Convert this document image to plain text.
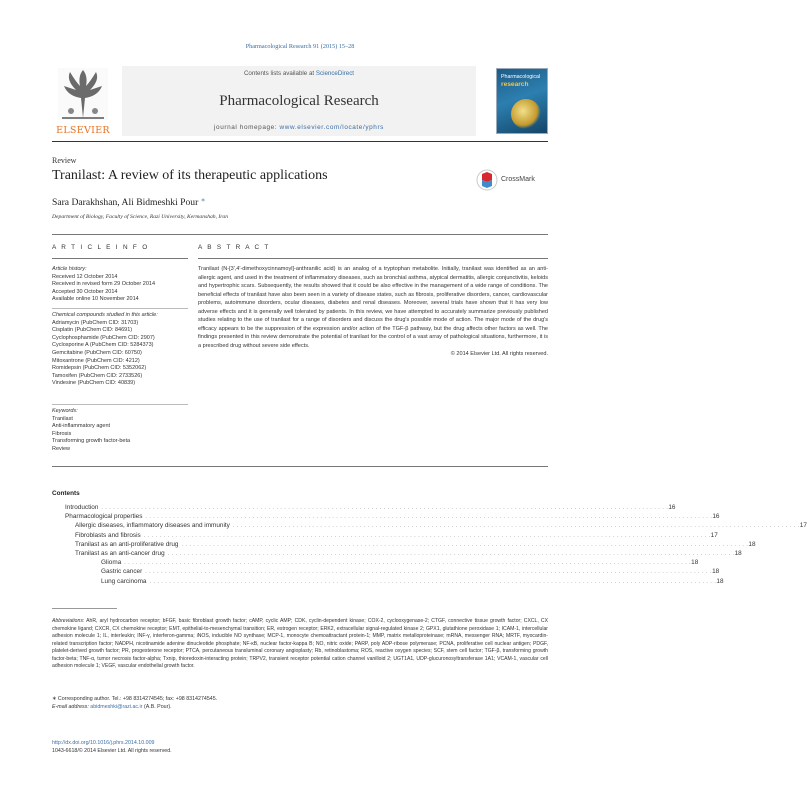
Pharmacological Research 91 (2015) 15–28
ELSEVIER
Contents lists available at ScienceDirect
Pharmacological Research
journal homepage: www.elsevier.com/locate/yphrs
Pharmacological
research
Review
Tranilast: A review of its therapeutic applications	CrossMark
Sara Darakhshan, Ali Bidmeshki Pour ∗
Department of Biology, Faculty of Science, Razi University, Kermanshah, Iran
A R T I C L E I N F O	A B S T R A C T
Article history:
Received 12 October 2014
Received in revised form 29 October 2014
Accepted 30 October 2014
Available online 10 November 2014
Chemical compounds studied in this article:
Adriamycin (PubChem CID: 31703)
Cisplatin (PubChem CID: 84691)
Cyclophosphamide (PubChem CID: 2907)
Cyclosporine A (PubChem CID: 5284373)
Gemcitabine (PubChem CID: 60750)
Mitoxantrone (PubChem CID: 4212)
Romidepsin (PubChem CID: 5352062)
Tamoxifen (PubChem CID: 2733526)
Vindesine (PubChem CID: 40839)
Keywords:
Tranilast
Anti-inflammatory agent
Fibrosis
Transforming growth factor-beta
Review

Tranilast (N-[3′,4′-dimethoxycinnamoyl]-anthranilic acid) is an analog of a tryptophan metabolite. Initially, tranilast was identified as an anti-allergic agent, and used in the treatment of inflammatory diseases, such as bronchial asthma, atypical dermatitis, allergic conjunctivitis, keloids and hypertrophic scars. Subsequently, the results showed that it could be also effective in the management of a wide range of conditions. The beneficial effects of tranilast have also been seen in a variety of disease states, such as fibrosis, proliferative disorders, cancer, cardiovascular problems, autoimmune disorders, ocular diseases, diabetes and renal diseases. Moreover, several trials have shown that it has very low adverse effects and it is generally well tolerated by patients. In this review, we have attempted to accurately summarize previously published studies relating to the use of tranilast for a range of disorders and discuss the drug's possible mode of action. The major mode of the drug's efficacy appears to be the suppression of the expression and/or action of the TGF-β pathway, but the drug affects other factors as well. The findings presented in this review demonstrate the potential of tranilast for the control of a vast array of pathological situations, furthermore, it is a prescribed drug without severe side effects.

© 2014 Elsevier Ltd. All rights reserved.

Contents
Introduction . . . . . . . . . . . . . . . . . . . . . . . . . . . . . . . . . . . . . . . . . . . . . . . . . . . . . . . . . . . . . . . . . . . . . . . . . . . . . . . . . . . . . . . . . . . . . . . . . . . . . . . . . . . . . . . . . . . . . . . . . . . . . . . . . . . . . . . . . . . . . . . 16
Pharmacological properties . . . . . . . . . . . . . . . . . . . . . . . . . . . . . . . . . . . . . . . . . . . . . . . . . . . . . . . . . . . . . . . . . . . . . . . . . . . . . . . . . . . . . . . . . . . . . . . . . . . . . . . . . . . . . . . . . . . . . . . . . . . . . . . . . . . . . . . . . . . . . . . 16
Allergic diseases, inflammatory diseases and immunity . . . . . . . . . . . . . . . . . . . . . . . . . . . . . . . . . . . . . . . . . . . . . . . . . . . . . . . . . . . . . . . . . . . . . . . . . . . . . . . . . . . . . . . . . . . . . . . . . . . . . . . . . . . . . . . . . . . . . . . . . . . . . . . . . . . . . . . . . . . . . . . 17
Fibroblasts and fibrosis . . . . . . . . . . . . . . . . . . . . . . . . . . . . . . . . . . . . . . . . . . . . . . . . . . . . . . . . . . . . . . . . . . . . . . . . . . . . . . . . . . . . . . . . . . . . . . . . . . . . . . . . . . . . . . . . . . . . . . . . . . . . . . . . . . . . . . . . . . . . . . . 17
Tranilast as an anti-proliferative drug . . . . . . . . . . . . . . . . . . . . . . . . . . . . . . . . . . . . . . . . . . . . . . . . . . . . . . . . . . . . . . . . . . . . . . . . . . . . . . . . . . . . . . . . . . . . . . . . . . . . . . . . . . . . . . . . . . . . . . . . . . . . . . . . . . . . . . . . . . . . . . . 18
Tranilast as an anti-cancer drug . . . . . . . . . . . . . . . . . . . . . . . . . . . . . . . . . . . . . . . . . . . . . . . . . . . . . . . . . . . . . . . . . . . . . . . . . . . . . . . . . . . . . . . . . . . . . . . . . . . . . . . . . . . . . . . . . . . . . . . . . . . . . . . . . . . . . . . . . . . . . . . 18
Glioma . . . . . . . . . . . . . . . . . . . . . . . . . . . . . . . . . . . . . . . . . . . . . . . . . . . . . . . . . . . . . . . . . . . . . . . . . . . . . . . . . . . . . . . . . . . . . . . . . . . . . . . . . . . . . . . . . . . . . . . . . . . . . . . . . . . . . . . . . . . . . . . 18
Gastric cancer . . . . . . . . . . . . . . . . . . . . . . . . . . . . . . . . . . . . . . . . . . . . . . . . . . . . . . . . . . . . . . . . . . . . . . . . . . . . . . . . . . . . . . . . . . . . . . . . . . . . . . . . . . . . . . . . . . . . . . . . . . . . . . . . . . . . . . . . . . . . . . . 18
Lung carcinoma . . . . . . . . . . . . . . . . . . . . . . . . . . . . . . . . . . . . . . . . . . . . . . . . . . . . . . . . . . . . . . . . . . . . . . . . . . . . . . . . . . . . . . . . . . . . . . . . . . . . . . . . . . . . . . . . . . . . . . . . . . . . . . . . . . . . . . . . . . . . . . . 18
Abbreviations: AhR, aryl hydrocarbon receptor; bFGF, basic fibroblast growth factor; cAMP, cyclic AMP; CDK, cyclin-dependent kinase; COX-2, cyclooxygenase-2; CTGF, connective tissue growth factor; CXCL, CX chemokine ligand; CXCR, CX chemokine receptor; EMT, epithelial-to-mesenchymal transition; ER, estrogen receptor; ERK2, extracellular signal-regulated kinase 2; GPX1, glutathione peroxidase 1; ICAM-1, intercellular adhesion molecule 1; IL, interleukin; INF-γ, interferon-gamma; iNOS, inducible NO synthase; MCP-1, monocyte chemoattractant protein-1; MMP, matrix metalloproteinase; mRNA, messenger RNA; MRTF, myocardin-related transcription factor; NADPH, nicotinamide adenine dinucleotide phosphate; NF-κB, nuclear factor-kappa B; NO, nitric oxide; PARP, poly ADP-ribose polymerase; PCNA, proliferative cell nuclear antigen; PDGF, platelet-derived growth factor; PR, progesterone receptor; PTCA, percutaneous transluminal coronary angioplasty; Rb, retinoblastoma; ROS, reactive oxygen species; SCF, stem cell factor; TGF-β, transforming growth factor-beta; TNF-α, tumor necrosis factor-alpha; Txnip, thioredoxin-interacting protein; TRPV2, transient receptor potential cation channel vanilloid 2; UGT1A1, UDP-glucuronosyltransferase 1A1; VCAM-1, vascular cell adhesion molecule 1; VEGF, vascular endothelial growth factor.
∗ Corresponding author. Tel.: +98 8314274545; fax: +98 8314274545.
E-mail address: abidmeshki@razi.ac.ir (A.B. Pour).
http://dx.doi.org/10.1016/j.phrs.2014.10.009
1043-6618/© 2014 Elsevier Ltd. All rights reserved.
